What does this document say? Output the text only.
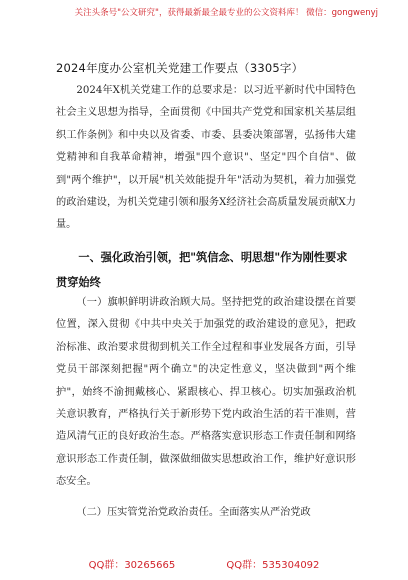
关注头条号"公文研究"，获得最新最全最专业的公文资料库！ 微信：gongwenyj
2024年度办公室机关党建工作要点（3305字）

2024年X机关党建工作的总要求是：以习近平新时代中国特色社会主义思想为指导，全面贯彻《中国共产党党和国家机关基层组织工作条例》和中央以及省委、市委、县委决策部署，弘扬伟大建党精神和自我革命精神，增强"四个意识"、坚定"四个自信"、做到"两个维护"，以开展"机关效能提升年"活动为契机，着力加强党的政治建设，为机关党建引领和服务X经济社会高质量发展贡献X力量。

一、强化政治引领，把"筑信念、明思想"作为刚性要求贯穿始终

（一）旗帜鲜明讲政治顾大局。坚持把党的政治建设摆在首要位置，深入贯彻《中共中央关于加强党的政治建设的意见》，把政治标准、政治要求贯彻到机关工作全过程和事业发展各方面，引导党员干部深刻把握"两个确立"的决定性意义，坚决做到"两个维护"，始终不渝拥戴核心、紧跟核心、捍卫核心。切实加强政治机关意识教育，严格执行关于新形势下党内政治生活的若干准则，营造风清气正的良好政治生态。严格落实意识形态工作责任制和网络意识形态工作责任制，做深做细做实思想政治工作，维护好意识形态安全。

（二）压实管党治党政治责任。全面落实从严治党政

QQ群：30265665	QQ群：535304092
